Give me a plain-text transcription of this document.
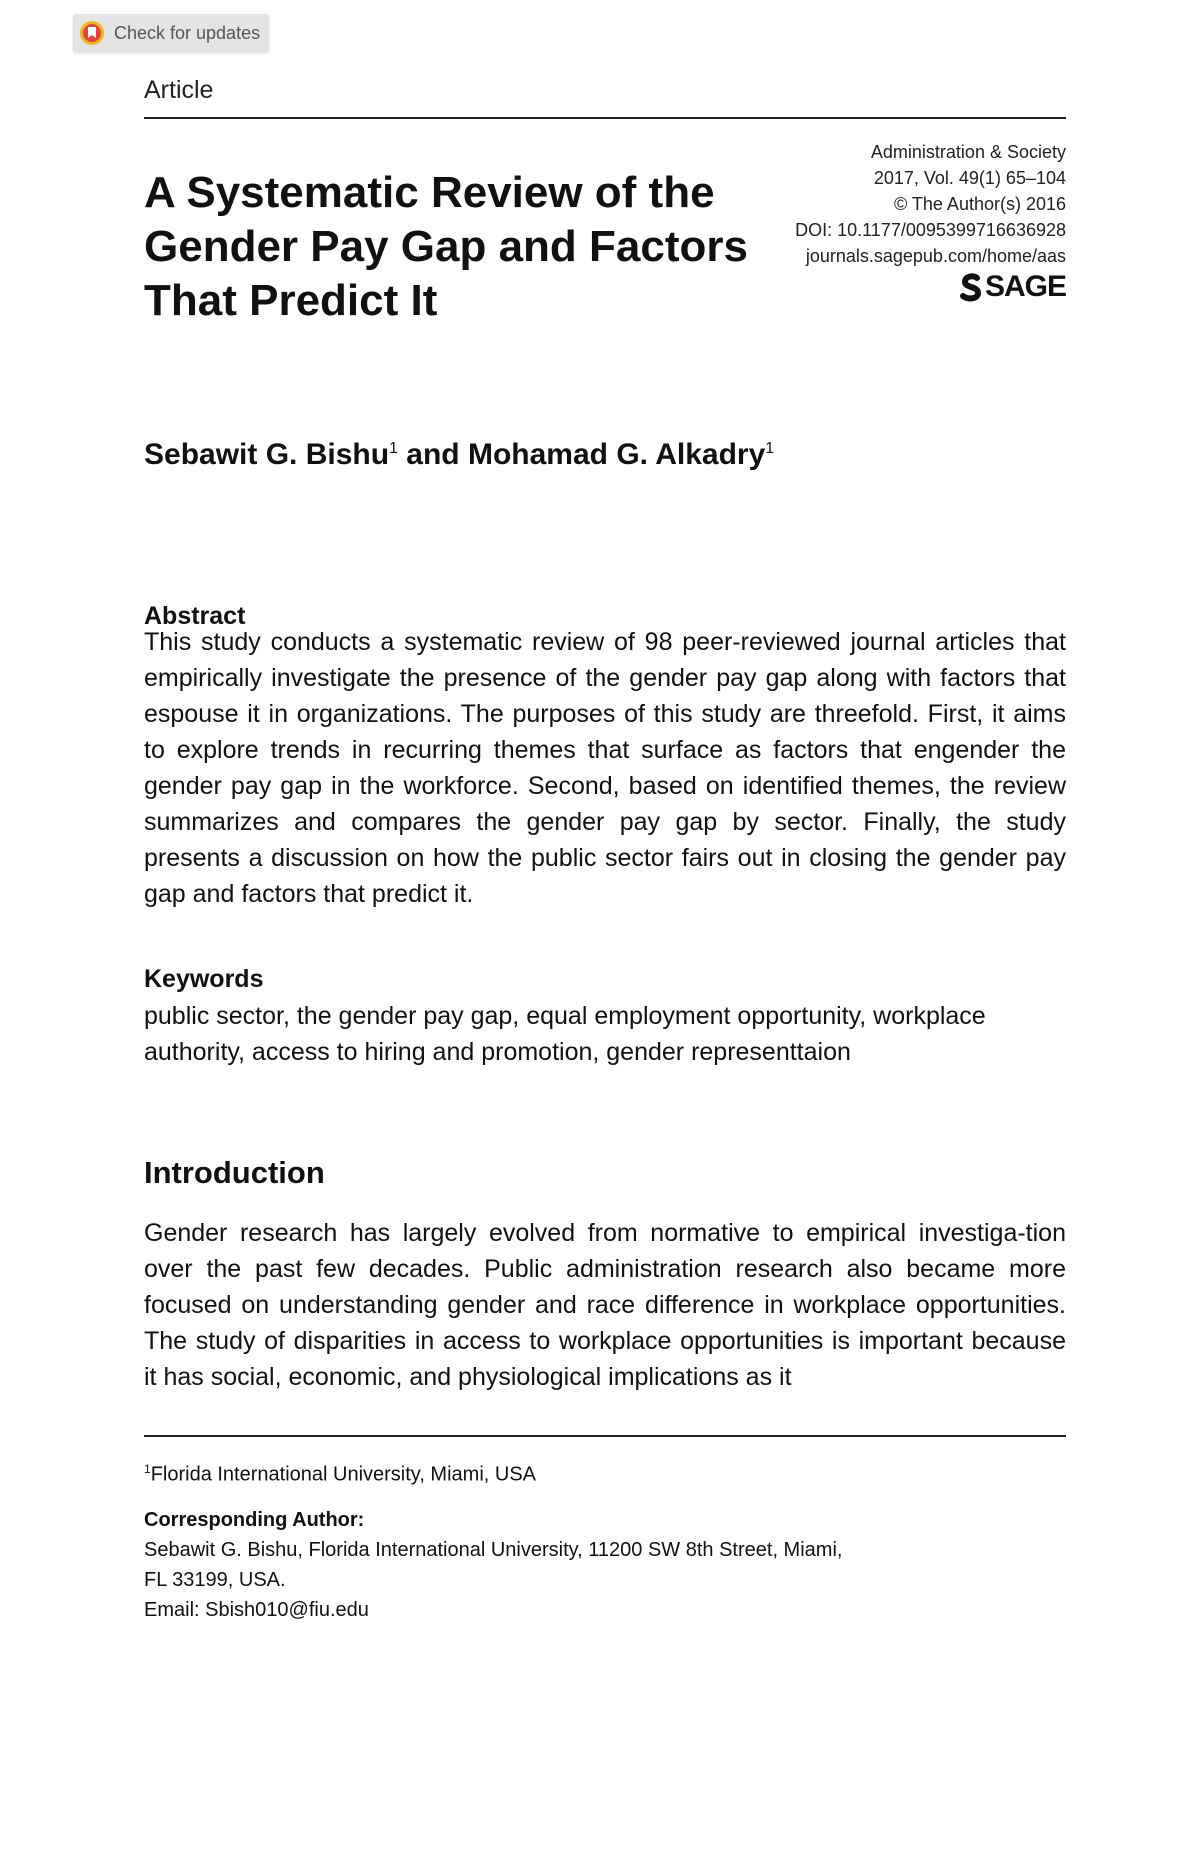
Check for updates
Article
A Systematic Review of the Gender Pay Gap and Factors That Predict It
Administration & Society
2017, Vol. 49(1) 65–104
© The Author(s) 2016
DOI: 10.1177/0095399716636928
journals.sagepub.com/home/aas
SAGE
Sebawit G. Bishu$^1$ and Mohamad G. Alkadry$^1$
Abstract
This study conducts a systematic review of 98 peer-reviewed journal articles that empirically investigate the presence of the gender pay gap along with factors that espouse it in organizations. The purposes of this study are threefold. First, it aims to explore trends in recurring themes that surface as factors that engender the gender pay gap in the workforce. Second, based on identified themes, the review summarizes and compares the gender pay gap by sector. Finally, the study presents a discussion on how the public sector fairs out in closing the gender pay gap and factors that predict it.
Keywords
public sector, the gender pay gap, equal employment opportunity, workplace authority, access to hiring and promotion, gender representtaion
Introduction
Gender research has largely evolved from normative to empirical investiga-tion over the past few decades. Public administration research also became more focused on understanding gender and race difference in workplace opportunities. The study of disparities in access to workplace opportunities is important because it has social, economic, and physiological implications as it
$^1$Florida International University, Miami, USA
Corresponding Author:
Sebawit G. Bishu, Florida International University, 11200 SW 8th Street, Miami,
FL 33199, USA.
Email: Sbish010@fiu.edu
